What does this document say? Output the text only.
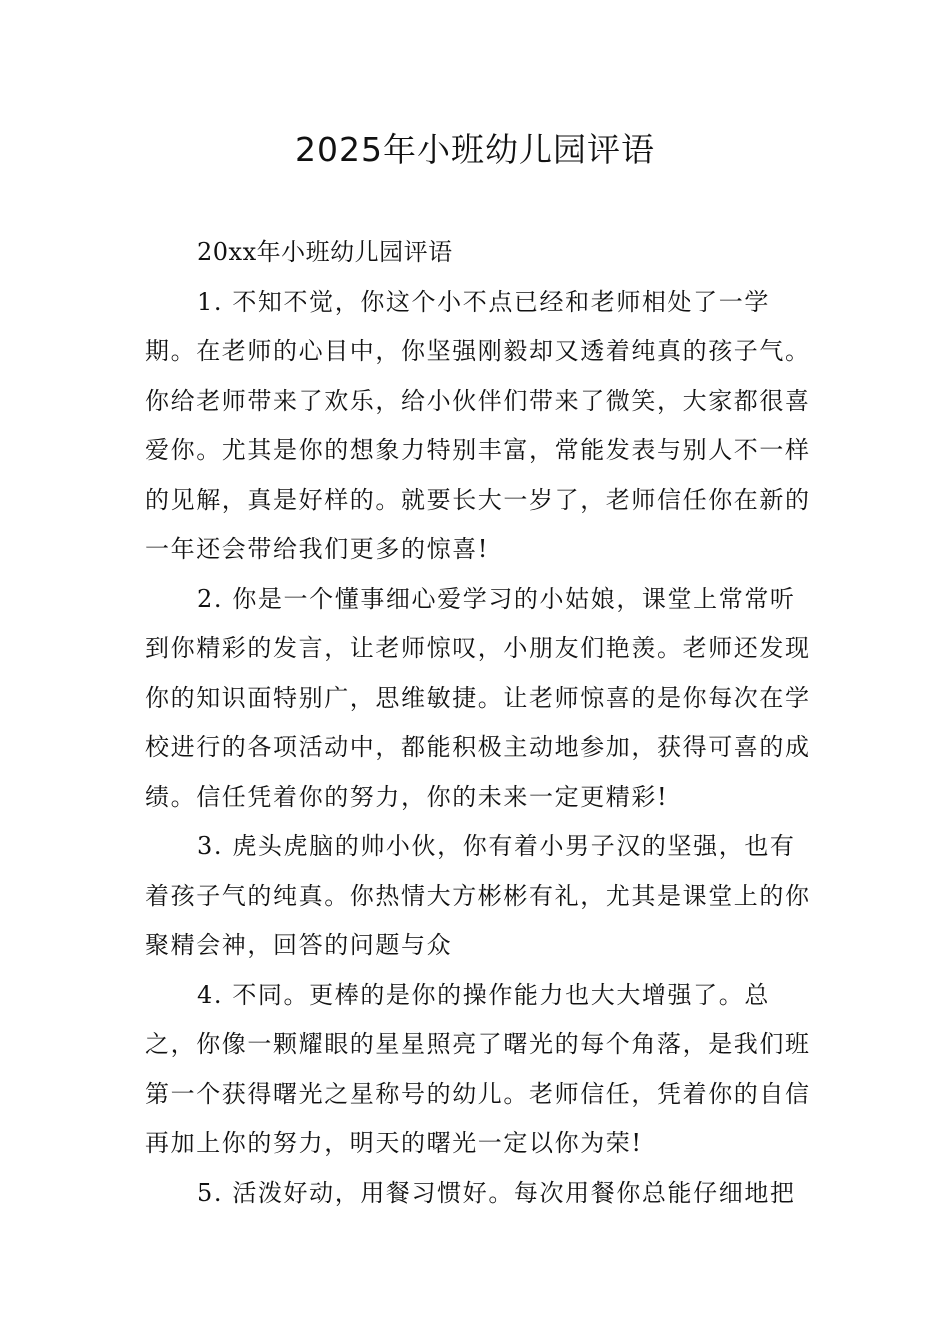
2025年小班幼儿园评语

20xx年小班幼儿园评语

1. 不知不觉，你这个小不点已经和老师相处了一学期。在老师的心目中，你坚强刚毅却又透着纯真的孩子气。你给老师带来了欢乐，给小伙伴们带来了微笑，大家都很喜爱你。尤其是你的想象力特别丰富，常能发表与别人不一样的见解，真是好样的。就要长大一岁了，老师信任你在新的一年还会带给我们更多的惊喜!

2. 你是一个懂事细心爱学习的小姑娘，课堂上常常听到你精彩的发言，让老师惊叹，小朋友们艳羡。老师还发现你的知识面特别广，思维敏捷。让老师惊喜的是你每次在学校进行的各项活动中，都能积极主动地参加，获得可喜的成绩。信任凭着你的努力，你的未来一定更精彩!

3. 虎头虎脑的帅小伙，你有着小男子汉的坚强，也有着孩子气的纯真。你热情大方彬彬有礼，尤其是课堂上的你聚精会神，回答的问题与众

4. 不同。更棒的是你的操作能力也大大增强了。总之，你像一颗耀眼的星星照亮了曙光的每个角落，是我们班第一个获得曙光之星称号的幼儿。老师信任，凭着你的自信再加上你的努力，明天的曙光一定以你为荣!

5. 活泼好动，用餐习惯好。每次用餐你总能仔细地把
